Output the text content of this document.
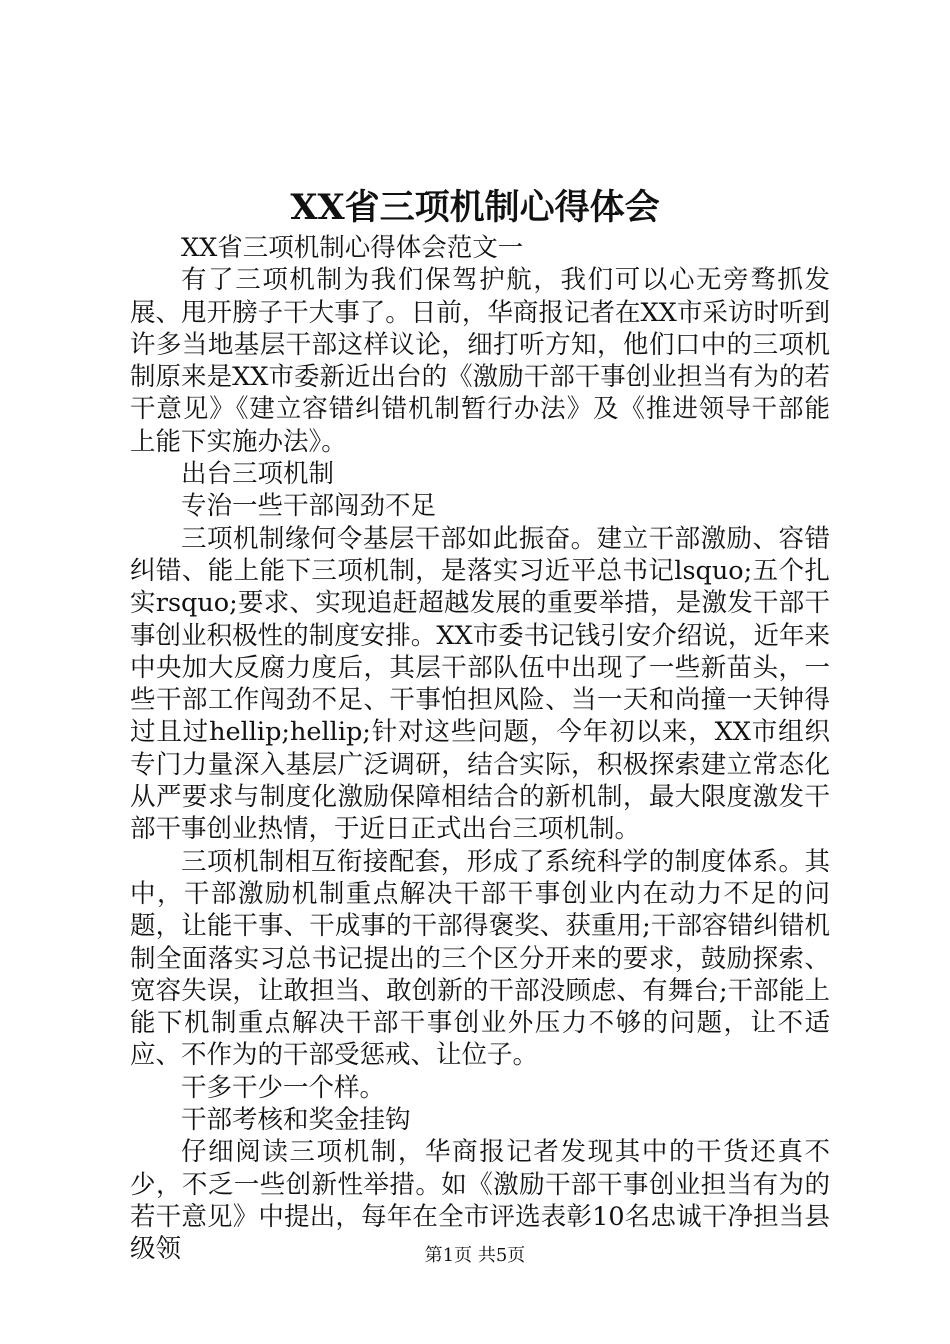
XX省三项机制心得体会

XX省三项机制心得体会范文一

有了三项机制为我们保驾护航，我们可以心无旁骛抓发展、甩开膀子干大事了。日前，华商报记者在XX市采访时听到许多当地基层干部这样议论，细打听方知，他们口中的三项机制原来是XX市委新近出台的《激励干部干事创业担当有为的若干意见》《建立容错纠错机制暂行办法》及《推进领导干部能上能下实施办法》。

出台三项机制

专治一些干部闯劲不足

三项机制缘何令基层干部如此振奋。建立干部激励、容错纠错、能上能下三项机制，是落实习近平总书记lsquo;五个扎实rsquo;要求、实现追赶超越发展的重要举措，是激发干部干事创业积极性的制度安排。XX市委书记钱引安介绍说，近年来中央加大反腐力度后，其层干部队伍中出现了一些新苗头，一些干部工作闯劲不足、干事怕担风险、当一天和尚撞一天钟得过且过hellip;hellip;针对这些问题，今年初以来，XX市组织专门力量深入基层广泛调研，结合实际，积极探索建立常态化从严要求与制度化激励保障相结合的新机制，最大限度激发干部干事创业热情，于近日正式出台三项机制。

三项机制相互衔接配套，形成了系统科学的制度体系。其中，干部激励机制重点解决干部干事创业内在动力不足的问题，让能干事、干成事的干部得褒奖、获重用;干部容错纠错机制全面落实习总书记提出的三个区分开来的要求，鼓励探索、宽容失误，让敢担当、敢创新的干部没顾虑、有舞台;干部能上能下机制重点解决干部干事创业外压力不够的问题，让不适应、不作为的干部受惩戒、让位子。

干多干少一个样。

干部考核和奖金挂钩

仔细阅读三项机制，华商报记者发现其中的干货还真不少，不乏一些创新性举措。如《激励干部干事创业担当有为的若干意见》中提出，每年在全市评选表彰10名忠诚干净担当县级领	第1页 共5页
